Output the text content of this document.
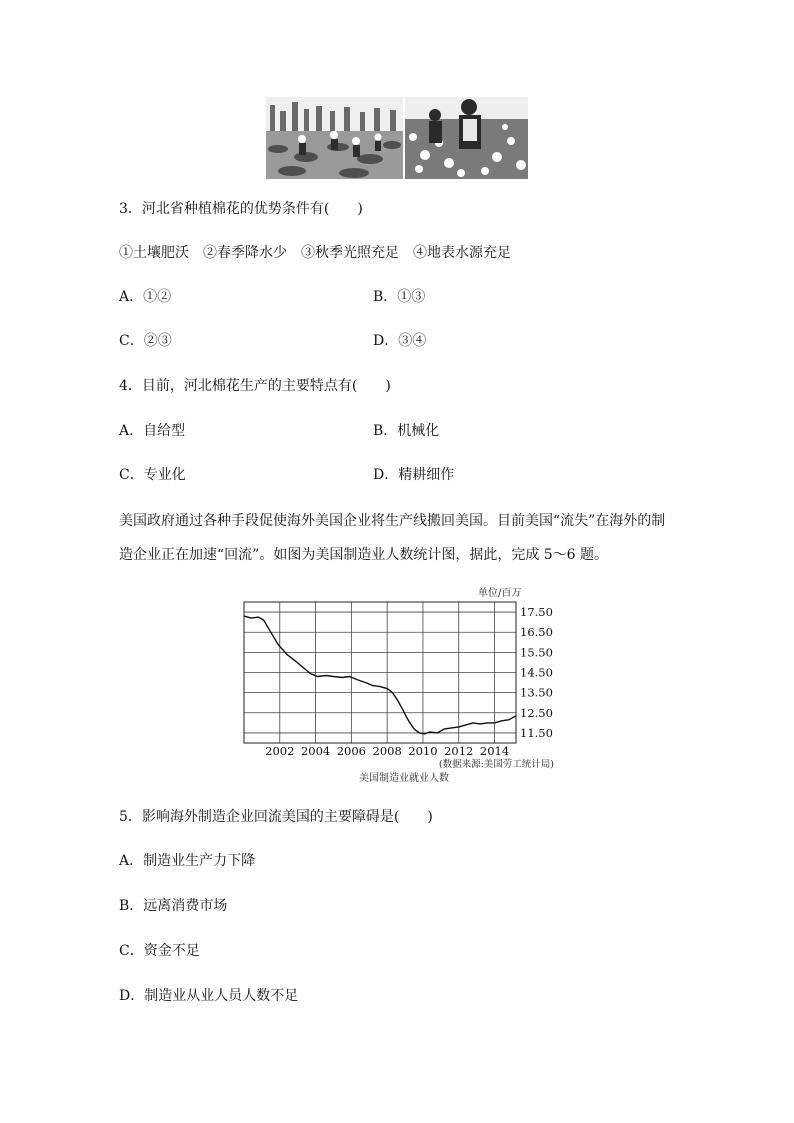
3．河北省种植棉花的优势条件有(　　)
①土壤肥沃　②春季降水少　③秋季光照充足　④地表水源充足
A．①②	B．①③
C．②③	D．③④
4．目前，河北棉花生产的主要特点有(　　)
A．自给型	B．机械化
C．专业化	D．精耕细作

美国政府通过各种手段促使海外美国企业将生产线搬回美国。目前美国“流失”在海外的制

造企业正在加速“回流”。如图为美国制造业人数统计图，据此，完成 5～6 题。

17.50
16.50
15.50
14.50
13.50
12.50
11.50
2002 2004 2006 2008 2010 2012 2014
单位/百万
(数据来源:美国劳工统计局)
美国制造业就业人数
5．影响海外制造企业回流美国的主要障碍是(　　)
A．制造业生产力下降
B．远离消费市场
C．资金不足
D．制造业从业人员人数不足
